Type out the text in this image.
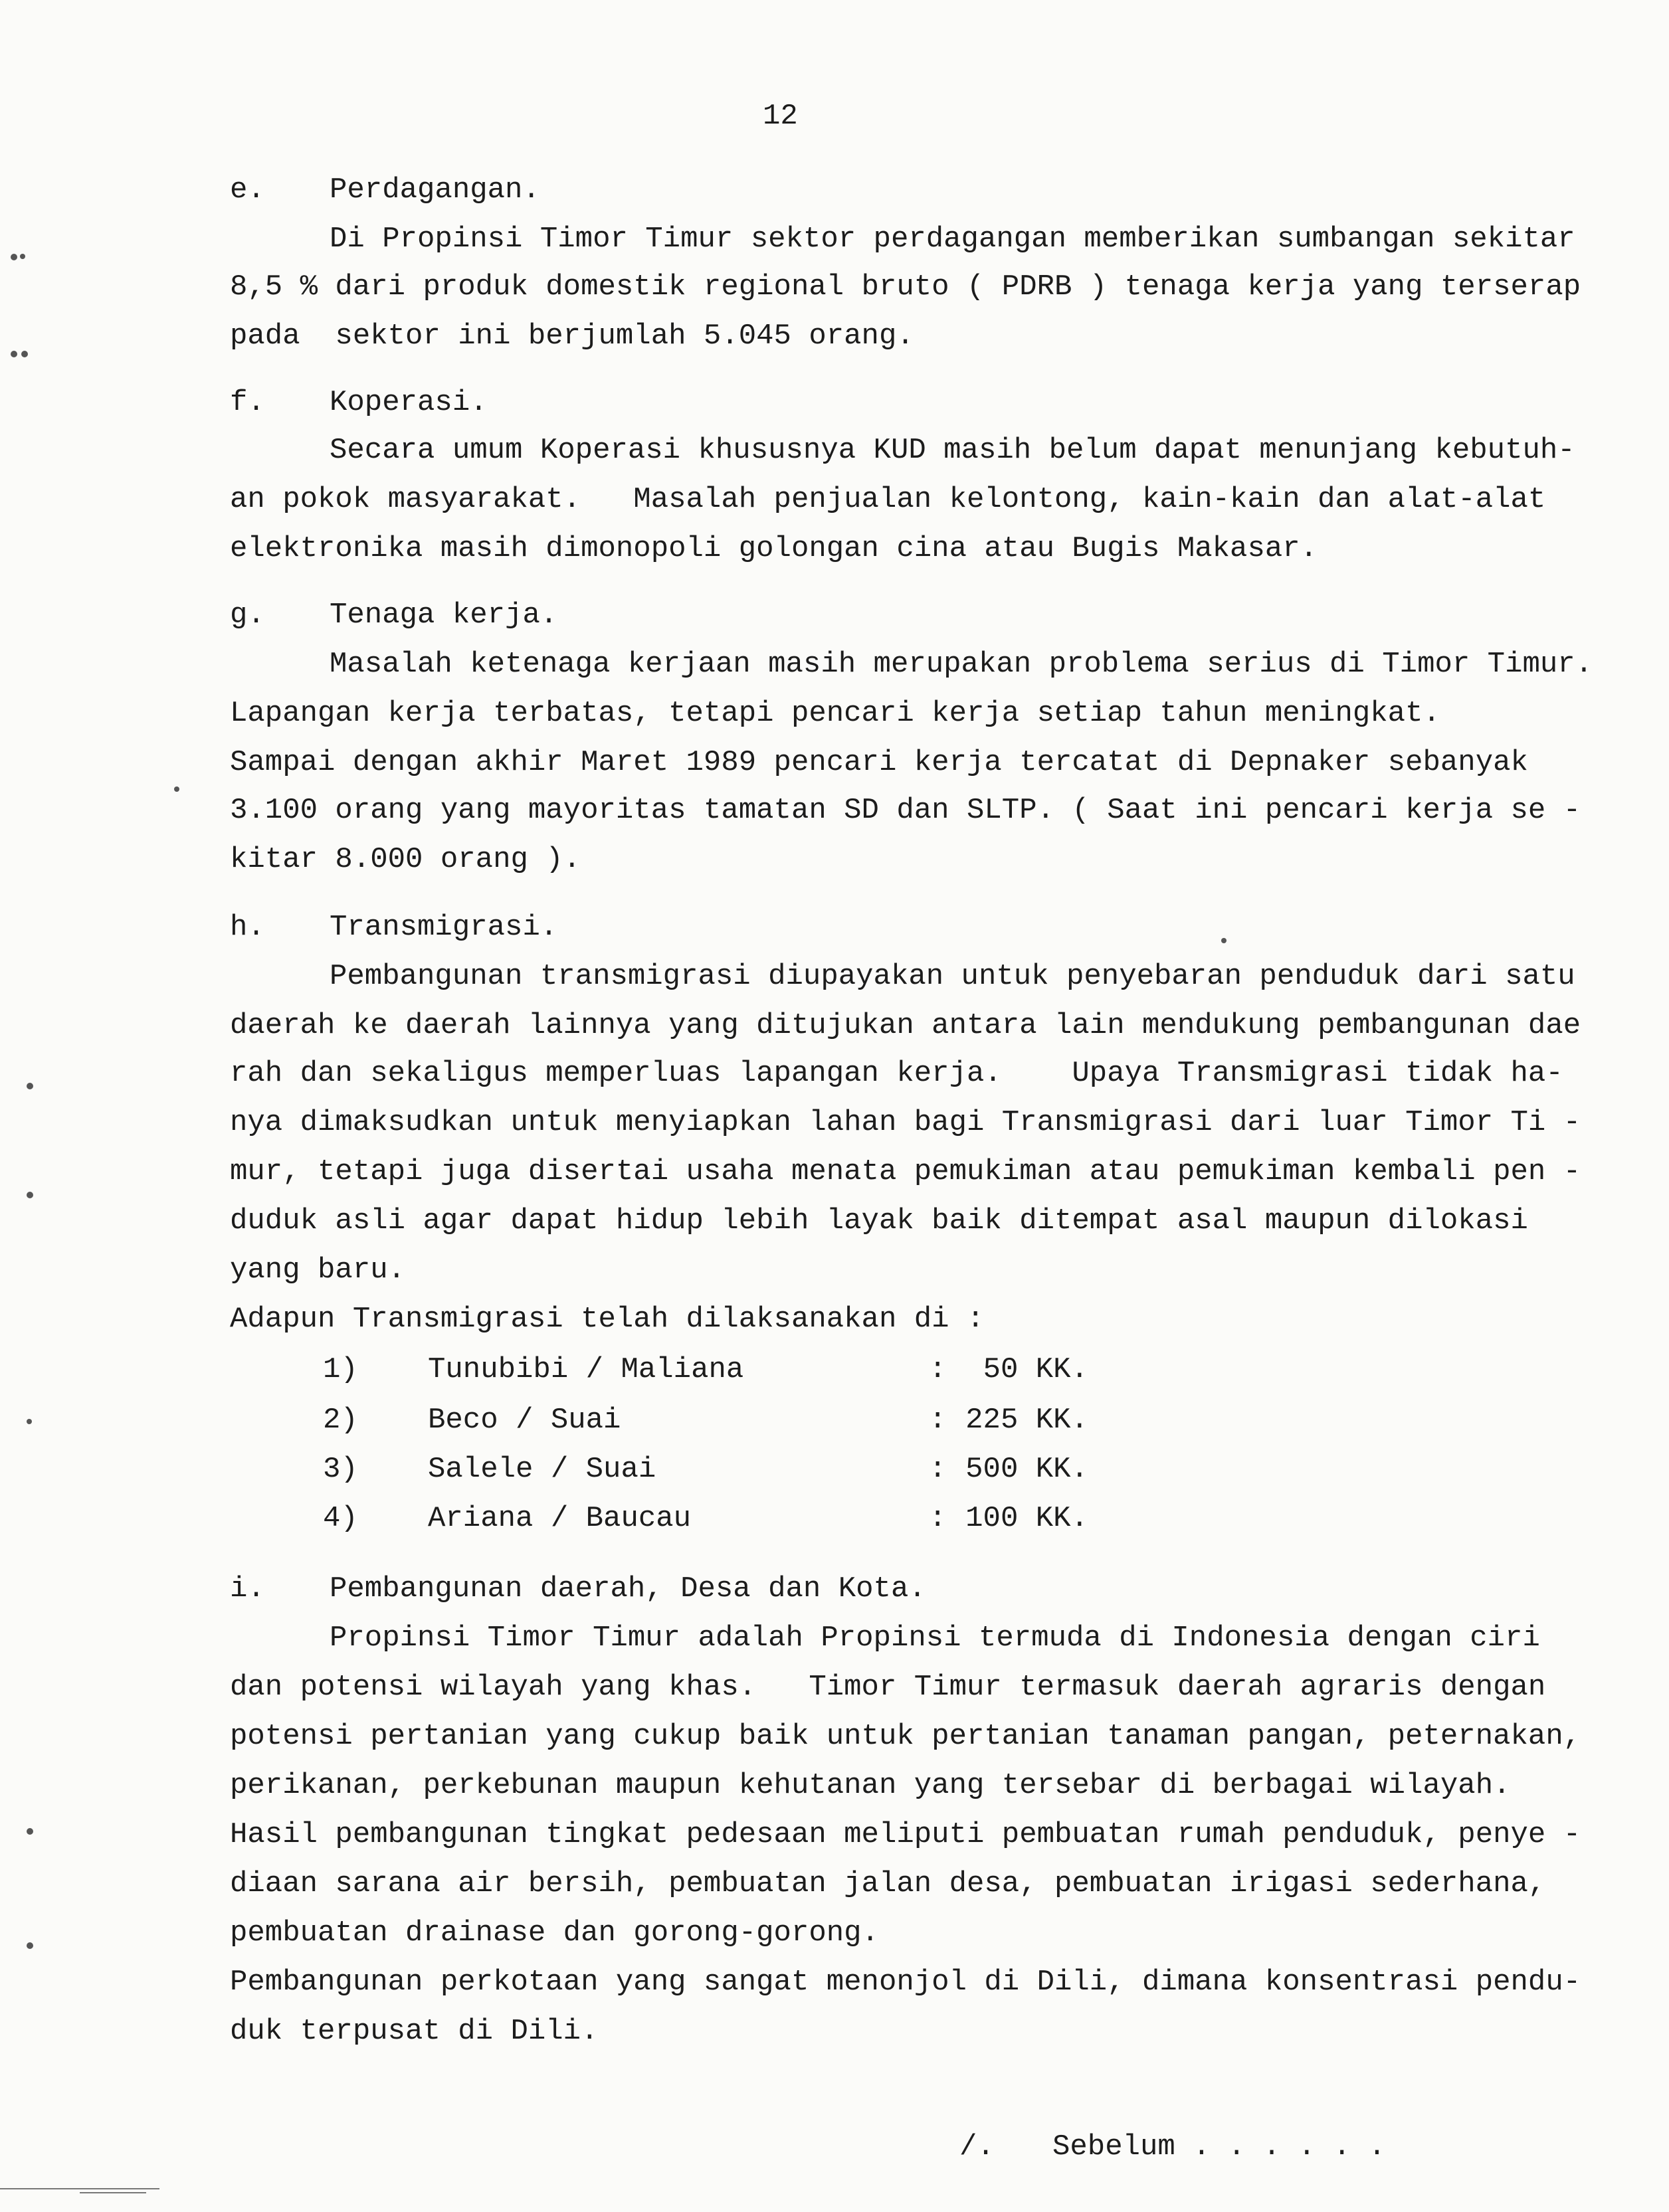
12
e. Perdagangan.
Di Propinsi Timor Timur sektor perdagangan memberikan sumbangan sekitar
8,5 % dari produk domestik regional bruto ( PDRB ) tenaga kerja yang terserap
pada  sektor ini berjumlah 5.045 orang.
f. Koperasi.
Secara umum Koperasi khususnya KUD masih belum dapat menunjang kebutuh-
an pokok masyarakat.   Masalah penjualan kelontong, kain-kain dan alat-alat
elektronika masih dimonopoli golongan cina atau Bugis Makasar.
g. Tenaga kerja.
Masalah ketenaga kerjaan masih merupakan problema serius di Timor Timur.
Lapangan kerja terbatas, tetapi pencari kerja setiap tahun meningkat.
Sampai dengan akhir Maret 1989 pencari kerja tercatat di Depnaker sebanyak
3.100 orang yang mayoritas tamatan SD dan SLTP. ( Saat ini pencari kerja se -
kitar 8.000 orang ).
h. Transmigrasi.
Pembangunan transmigrasi diupayakan untuk penyebaran penduduk dari satu
daerah ke daerah lainnya yang ditujukan antara lain mendukung pembangunan dae
rah dan sekaligus memperluas lapangan kerja.    Upaya Transmigrasi tidak ha-
nya dimaksudkan untuk menyiapkan lahan bagi Transmigrasi dari luar Timor Ti -
mur, tetapi juga disertai usaha menata pemukiman atau pemukiman kembali pen -
duduk asli agar dapat hidup lebih layak baik ditempat asal maupun dilokasi
yang baru.
Adapun Transmigrasi telah dilaksanakan di :
1) Tunubibi / Maliana	:	50 KK.
2) Beco / Suai	: 225 KK.
3) Salele / Suai	: 500 KK.
4) Ariana / Baucau	: 100 KK.
i. Pembangunan daerah, Desa dan Kota.
Propinsi Timor Timur adalah Propinsi termuda di Indonesia dengan ciri
dan potensi wilayah yang khas.   Timor Timur termasuk daerah agraris dengan
potensi pertanian yang cukup baik untuk pertanian tanaman pangan, peternakan,
perikanan, perkebunan maupun kehutanan yang tersebar di berbagai wilayah.
Hasil pembangunan tingkat pedesaan meliputi pembuatan rumah penduduk, penye -
diaan sarana air bersih, pembuatan jalan desa, pembuatan irigasi sederhana,
pembuatan drainase dan gorong-gorong.
Pembangunan perkotaan yang sangat menonjol di Dili, dimana konsentrasi pendu-
duk terpusat di Dili.
/. Sebelum . . . . . .
